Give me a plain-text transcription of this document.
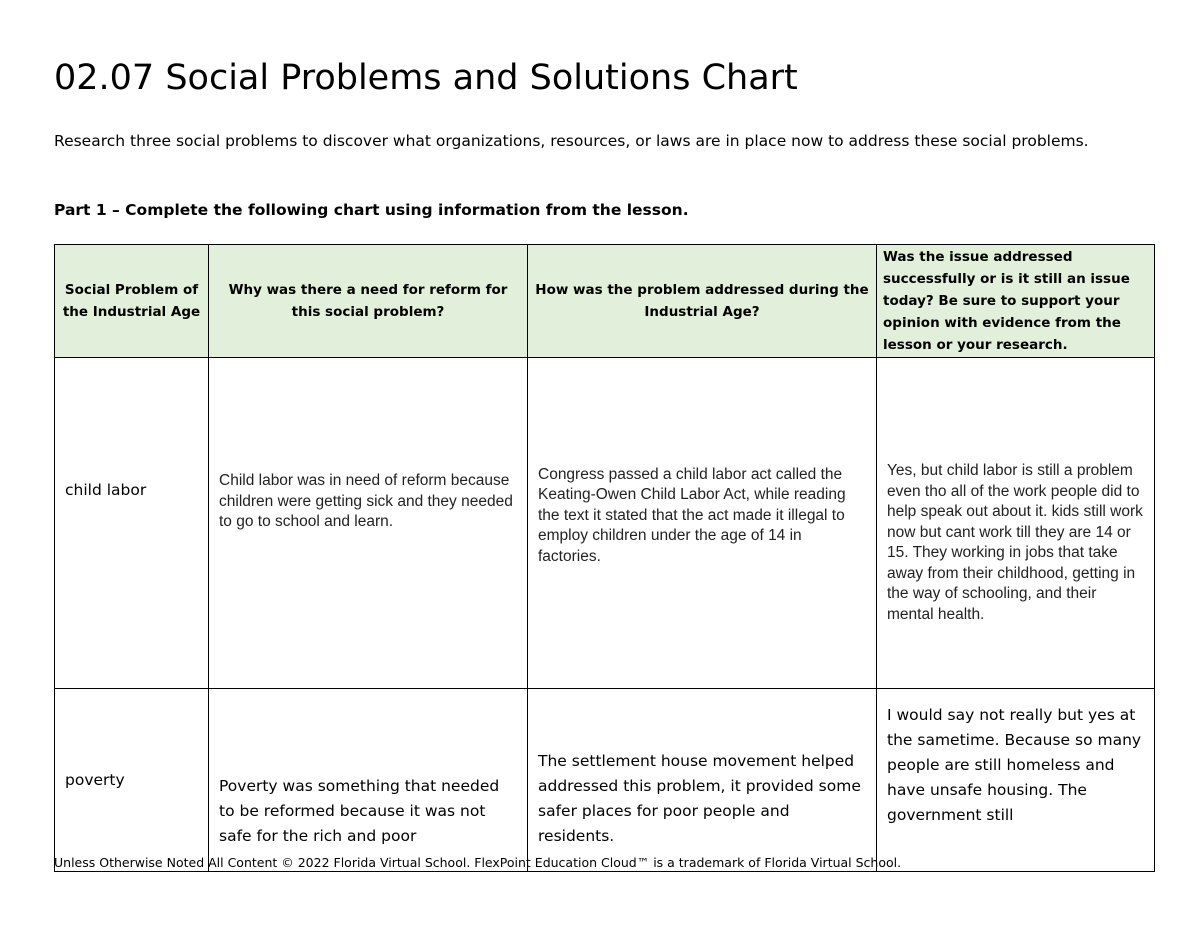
02.07 Social Problems and Solutions Chart

Research three social problems to discover what organizations, resources, or laws are in place now to address these social problems.

Part 1 – Complete the following chart using information from the lesson.

Social Problem of the Industrial Age	Why was there a need for reform for this social problem?	How was the problem addressed during the Industrial Age?	Was the issue addressed successfully or is it still an issue today? Be sure to support your opinion with evidence from the lesson or your research.

child labor	Child labor was in need of reform because children were getting sick and they needed to go to school and learn.	Congress passed a child labor act called the Keating-Owen Child Labor Act, while reading the text it stated that the act made it illegal to employ children under the age of 14 in factories.	Yes, but child labor is still a problem even tho all of the work people did to help speak out about it. kids still work now but cant work till they are 14 or 15. They working in jobs that take away from their childhood, getting in the way of schooling, and their mental health.

poverty	Poverty was something that needed to be reformed because it was not safe for the rich and poor	The settlement house movement helped addressed this problem, it provided some safer places for poor people and residents.	I would say not really but yes at the sametime. Because so many people are still homeless and have unsafe housing. The government still

Unless Otherwise Noted All Content © 2022 Florida Virtual School. FlexPoint Education Cloud™ is a trademark of Florida Virtual School.
